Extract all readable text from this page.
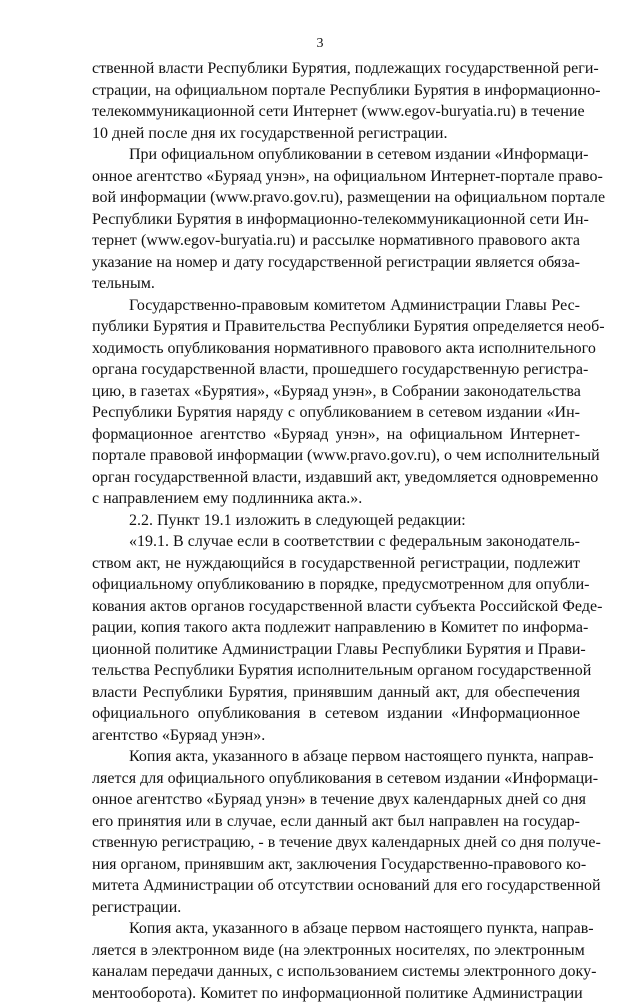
3
ственной власти Республики Бурятия, подлежащих государственной реги-
страции, на официальном портале Республики Бурятия в информационно-
телекоммуникационной сети Интернет (www.egov-buryatia.ru) в течение
10 дней после дня их государственной регистрации.
При официальном опубликовании в сетевом издании «Информаци-
онное агентство «Буряад унэн», на официальном Интернет-портале право-
вой информации (www.pravo.gov.ru), размещении на официальном портале
Республики Бурятия в информационно-телекоммуникационной сети Ин-
тернет (www.egov-buryatia.ru) и рассылке нормативного правового акта
указание на номер и дату государственной регистрации является обяза-
тельным.
Государственно-правовым комитетом Администрации Главы Рес-
публики Бурятия и Правительства Республики Бурятия определяется необ-
ходимость опубликования нормативного правового акта исполнительного
органа государственной власти, прошедшего государственную регистра-
цию, в газетах «Бурятия», «Буряад унэн», в Собрании законодательства
Республики Бурятия наряду с опубликованием в сетевом издании «Ин-
формационное агентство «Буряад унэн», на официальном Интернет-
портале правовой информации (www.pravo.gov.ru), о чем исполнительный
орган государственной власти, издавший акт, уведомляется одновременно
с направлением ему подлинника акта.».
2.2. Пункт 19.1 изложить в следующей редакции:
«19.1. В случае если в соответствии с федеральным законодатель-
ством акт, не нуждающийся в государственной регистрации, подлежит
официальному опубликованию в порядке, предусмотренном для опубли-
кования актов органов государственной власти субъекта Российской Феде-
рации, копия такого акта подлежит направлению в Комитет по информа-
ционной политике Администрации Главы Республики Бурятия и Прави-
тельства Республики Бурятия исполнительным органом государственной
власти Республики Бурятия, принявшим данный акт, для обеспечения
официального опубликования в сетевом издании «Информационное
агентство «Буряад унэн».
Копия акта, указанного в абзаце первом настоящего пункта, направ-
ляется для официального опубликования в сетевом издании «Информаци-
онное агентство «Буряад унэн» в течение двух календарных дней со дня
его принятия или в случае, если данный акт был направлен на государ-
ственную регистрацию, - в течение двух календарных дней со дня получе-
ния органом, принявшим акт, заключения Государственно-правового ко-
митета Администрации об отсутствии оснований для его государственной
регистрации.
Копия акта, указанного в абзаце первом настоящего пункта, направ-
ляется в электронном виде (на электронных носителях, по электронным
каналам передачи данных, с использованием системы электронного доку-
ментооборота). Комитет по информационной политике Администрации
